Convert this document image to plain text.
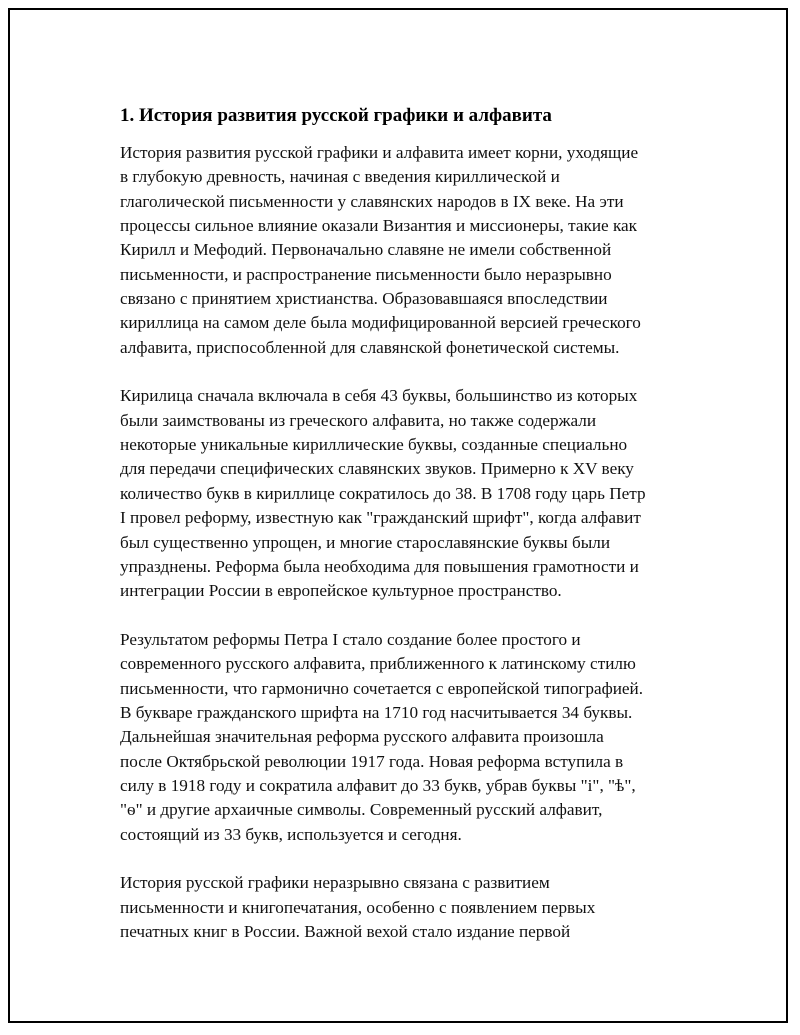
1. История развития русской графики и алфавита

История развития русской графики и алфавита имеет корни, уходящие
в глубокую древность, начиная с введения кириллической и
глаголической письменности у славянских народов в IX веке. На эти
процессы сильное влияние оказали Византия и миссионеры, такие как
Кирилл и Мефодий. Первоначально славяне не имели собственной
письменности, и распространение письменности было неразрывно
связано с принятием христианства. Образовавшаяся впоследствии
кириллица на самом деле была модифицированной версией греческого
алфавита, приспособленной для славянской фонетической системы.

Кирилица сначала включала в себя 43 буквы, большинство из которых
были заимствованы из греческого алфавита, но также содержали
некоторые уникальные кириллические буквы, созданные специально
для передачи специфических славянских звуков. Примерно к XV веку
количество букв в кириллице сократилось до 38. В 1708 году царь Петр
I провел реформу, известную как "гражданский шрифт", когда алфавит
был существенно упрощен, и многие старославянские буквы были
упразднены. Реформа была необходима для повышения грамотности и
интеграции России в европейское культурное пространство.

Результатом реформы Петра I стало создание более простого и
современного русского алфавита, приближенного к латинскому стилю
письменности, что гармонично сочетается с европейской типографией.
В букваре гражданского шрифта на 1710 год насчитывается 34 буквы.
Дальнейшая значительная реформа русского алфавита произошла
после Октябрьской революции 1917 года. Новая реформа вступила в
силу в 1918 году и сократила алфавит до 33 букв, убрав буквы "і", "ѣ",
"ѳ" и другие архаичные символы. Современный русский алфавит,
состоящий из 33 букв, используется и сегодня.

История русской графики неразрывно связана с развитием
письменности и книгопечатания, особенно с появлением первых
печатных книг в России. Важной вехой стало издание первой
